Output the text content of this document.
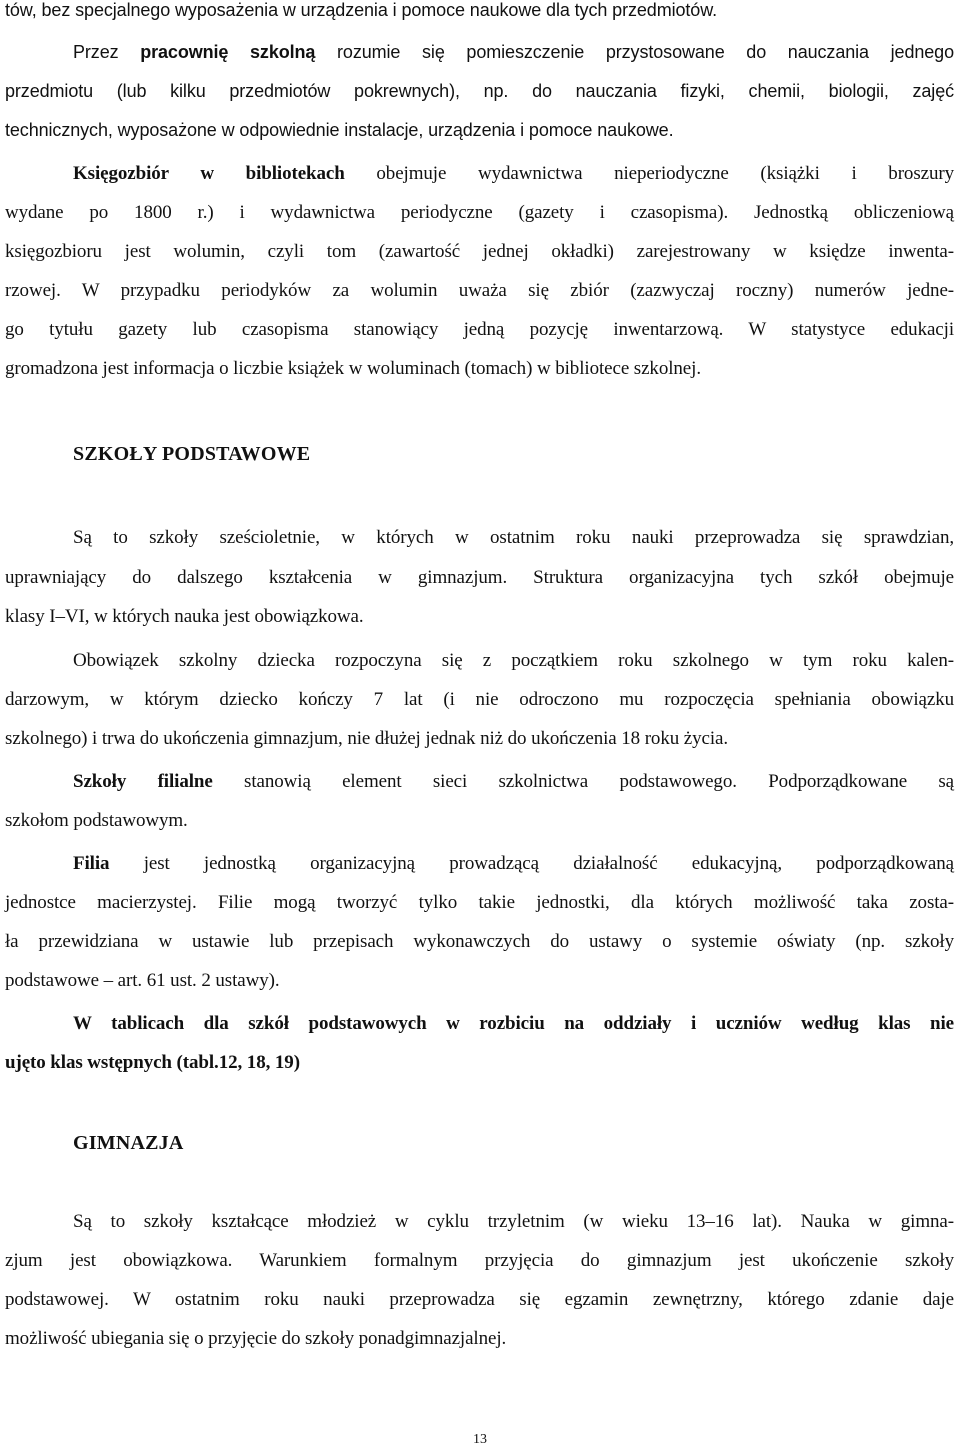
tów, bez specjalnego wyposażenia w urządzenia i pomoce naukowe dla tych przedmiotów.
Przez pracownię szkolną rozumie się pomieszczenie przystosowane do nauczania jednego
przedmiotu (lub kilku przedmiotów pokrewnych), np. do nauczania fizyki, chemii, biologii, zajęć
technicznych, wyposażone w odpowiednie instalacje, urządzenia i pomoce naukowe.
Księgozbiór w bibliotekach obejmuje wydawnictwa nieperiodyczne (książki i broszury
wydane po 1800 r.) i wydawnictwa periodyczne (gazety i czasopisma). Jednostką obliczeniową
księgozbioru jest wolumin, czyli tom (zawartość jednej okładki) zarejestrowany w księdze inwenta-
rzowej. W przypadku periodyków za wolumin uważa się zbiór (zazwyczaj roczny) numerów jedne-
go tytułu gazety lub czasopisma stanowiący jedną pozycję inwentarzową. W statystyce edukacji
gromadzona jest informacja o liczbie książek w woluminach (tomach) w bibliotece szkolnej.
SZKOŁY PODSTAWOWE
Są to szkoły sześcioletnie, w których w ostatnim roku nauki przeprowadza się sprawdzian,
uprawniający do dalszego kształcenia w gimnazjum. Struktura organizacyjna tych szkół obejmuje
klasy I–VI, w których nauka jest obowiązkowa.
Obowiązek szkolny dziecka rozpoczyna się z początkiem roku szkolnego w tym roku kalen-
darzowym, w którym dziecko kończy 7 lat (i nie odroczono mu rozpoczęcia spełniania obowiązku
szkolnego) i trwa do ukończenia gimnazjum, nie dłużej jednak niż do ukończenia 18 roku życia.
Szkoły filialne stanowią element sieci szkolnictwa podstawowego. Podporządkowane są
szkołom podstawowym.
Filia jest jednostką organizacyjną prowadzącą działalność edukacyjną, podporządkowaną
jednostce macierzystej. Filie mogą tworzyć tylko takie jednostki, dla których możliwość taka zosta-
ła przewidziana w ustawie lub przepisach wykonawczych do ustawy o systemie oświaty (np. szkoły
podstawowe – art. 61 ust. 2 ustawy).
W tablicach dla szkół podstawowych w rozbiciu na oddziały i uczniów według klas nie
ujęto klas wstępnych (tabl.12, 18, 19)
GIMNAZJA
Są to szkoły kształcące młodzież w cyklu trzyletnim (w wieku 13–16 lat). Nauka w gimna-
zjum jest obowiązkowa. Warunkiem formalnym przyjęcia do gimnazjum jest ukończenie szkoły
podstawowej. W ostatnim roku nauki przeprowadza się egzamin zewnętrzny, którego zdanie daje
możliwość ubiegania się o przyjęcie do szkoły ponadgimnazjalnej.
13
